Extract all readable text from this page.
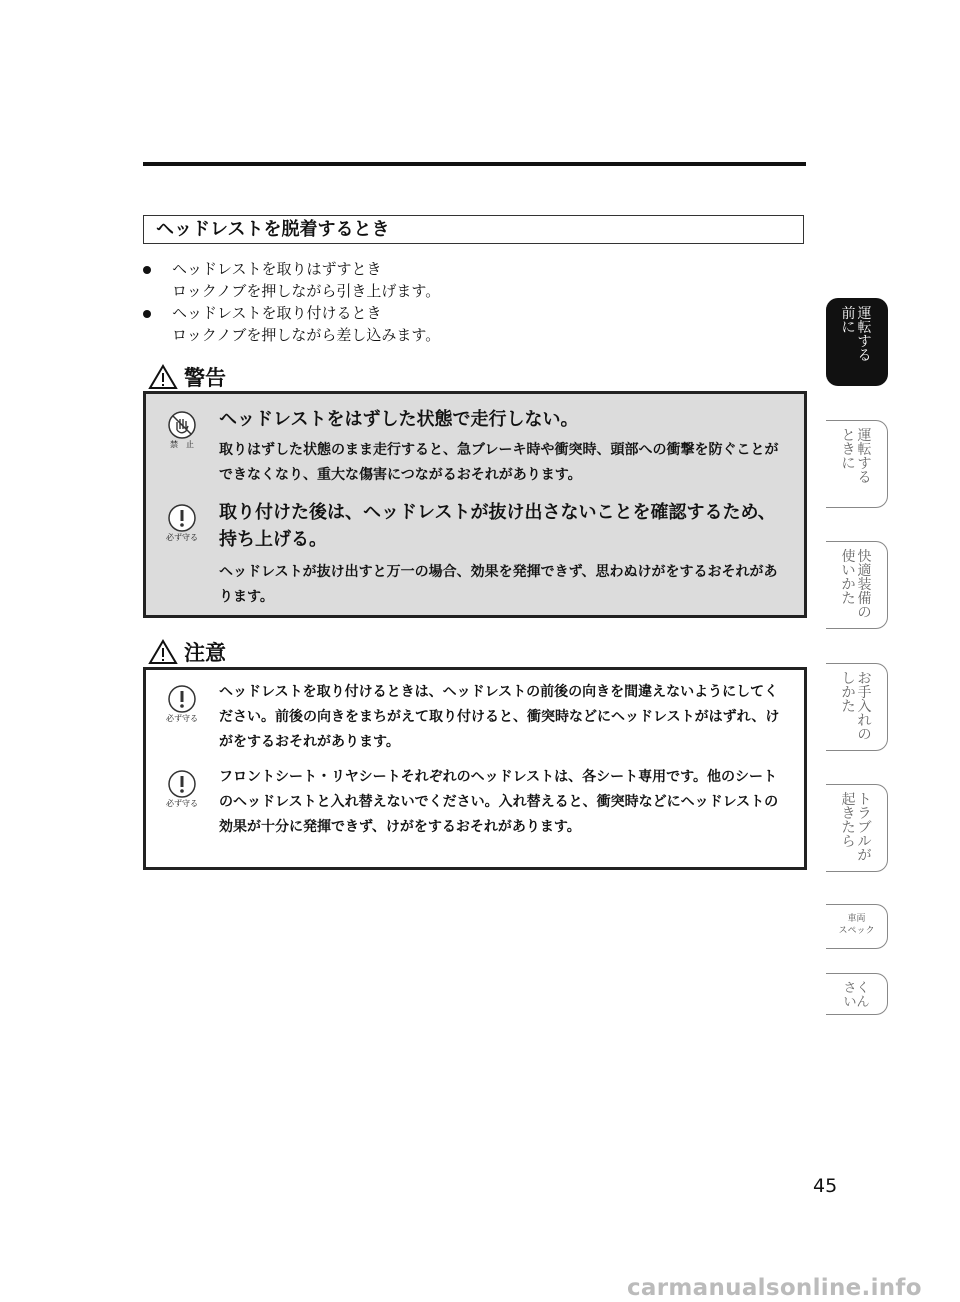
ヘッドレストを脱着するとき
ヘッドレストを取りはずすとき
ロックノブを押しながら引き上げます。
ヘッドレストを取り付けるとき
ロックノブを押しながら差し込みます。
警告
禁　止
ヘッドレストをはずした状態で走行しない。
取りはずした状態のまま走行すると、急ブレーキ時や衝突時、頭部への衝撃を防ぐことができなくなり、重大な傷害につながるおそれがあります。
必ず守る
取り付けた後は、ヘッドレストが抜け出さないことを確認するため、持ち上げる。
ヘッドレストが抜け出すと万一の場合、効果を発揮できず、思わぬけがをするおそれがあります。
注意
必ず守る
ヘッドレストを取り付けるときは、ヘッドレストの前後の向きを間違えないようにしてください。前後の向きをまちがえて取り付けると、衝突時などにヘッドレストがはずれ、けがをするおそれがあります。
必ず守る
フロントシート・リヤシートそれぞれのヘッドレストは、各シート専用です。他のシートのヘッドレストと入れ替えないでください。入れ替えると、衝突時などにヘッドレストの効果が十分に発揮できず、けがをするおそれがあります。
運転する
前に
運転する
ときに
快適装備の
使いかた
お手入れの
しかた
トラブルが
起きたら
車両
スペック
さく
いん
45
carmanualsonline.info
